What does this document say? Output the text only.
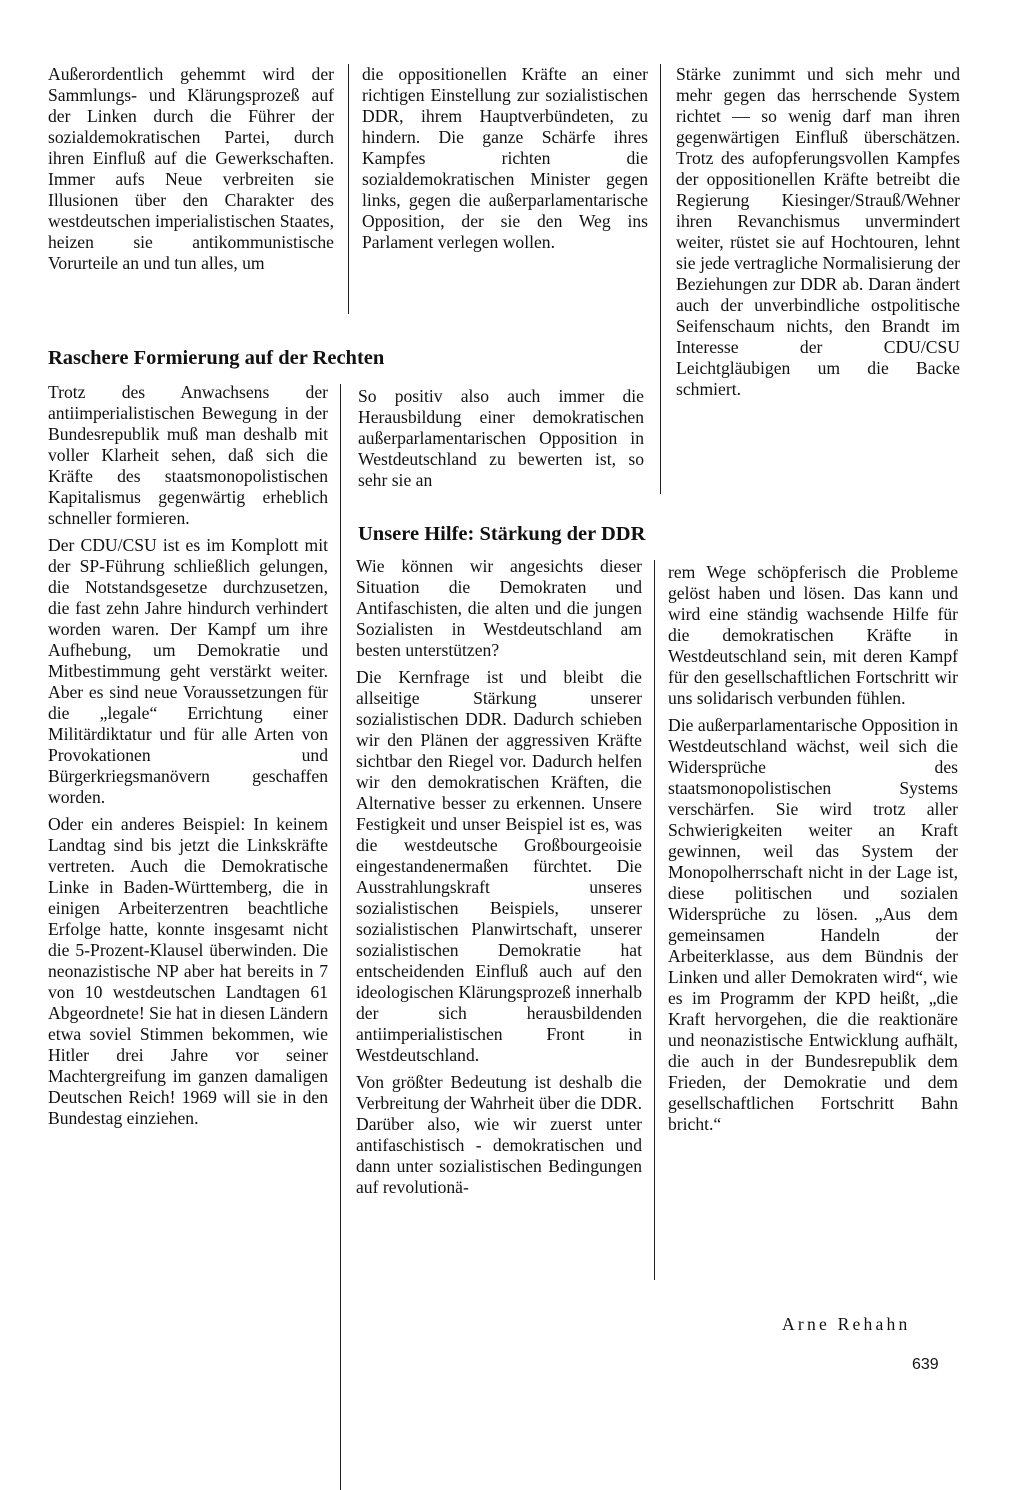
Außerordentlich gehemmt wird der Sammlungs- und Klärungsprozeß auf der Linken durch die Führer der sozialdemokratischen Partei, durch ihren Einfluß auf die Gewerkschaften. Immer aufs Neue verbreiten sie Illusionen über den Charakter des westdeutschen imperialistischen Staates, heizen sie antikommunistische Vorurteile an und tun alles, um

die oppositionellen Kräfte an einer richtigen Einstellung zur sozialistischen DDR, ihrem Hauptverbündeten, zu hindern. Die ganze Schärfe ihres Kampfes richten die sozialdemokratischen Minister gegen links, gegen die außerparlamentarische Opposition, der sie den Weg ins Parlament verlegen wollen.

Stärke zunimmt und sich mehr und mehr gegen das herrschende System richtet — so wenig darf man ihren gegenwärtigen Einfluß überschätzen. Trotz des aufopferungsvollen Kampfes der oppositionellen Kräfte betreibt die Regierung Kiesinger/Strauß/Wehner ihren Revanchismus unvermindert weiter, rüstet sie auf Hochtouren, lehnt sie jede vertragliche Normalisierung der Beziehungen zur DDR ab. Daran ändert auch der unverbindliche ostpolitische Seifenschaum nichts, den Brandt im Interesse der CDU/CSU Leichtgläubigen um die Backe schmiert.

Raschere Formierung auf der Rechten

Trotz des Anwachsens der antiimperialistischen Bewegung in der Bundesrepublik muß man deshalb mit voller Klarheit sehen, daß sich die Kräfte des staatsmonopolistischen Kapitalismus gegenwärtig erheblich schneller formieren.

Der CDU/CSU ist es im Komplott mit der SP-Führung schließlich gelungen, die Notstandsgesetze durchzusetzen, die fast zehn Jahre hindurch verhindert worden waren. Der Kampf um ihre Aufhebung, um Demokratie und Mitbestimmung geht verstärkt weiter. Aber es sind neue Voraussetzungen für die „legale“ Errichtung einer Militärdiktatur und für alle Arten von Provokationen und Bürgerkriegsmanövern geschaffen worden.

Oder ein anderes Beispiel: In keinem Landtag sind bis jetzt die Linkskräfte vertreten. Auch die Demokratische Linke in Baden-Württemberg, die in einigen Arbeiterzentren beachtliche Erfolge hatte, konnte insgesamt nicht die 5-Prozent-Klausel überwinden. Die neonazistische NP aber hat bereits in 7 von 10 westdeutschen Landtagen 61 Abgeordnete! Sie hat in diesen Ländern etwa soviel Stimmen bekommen, wie Hitler drei Jahre vor seiner Machtergreifung im ganzen damaligen Deutschen Reich! 1969 will sie in den Bundestag einziehen.

So positiv also auch immer die Herausbildung einer demokratischen außerparlamentarischen Opposition in Westdeutschland zu bewerten ist, so sehr sie an

Unsere Hilfe: Stärkung der DDR

Wie können wir angesichts dieser Situation die Demokraten und Antifaschisten, die alten und die jungen Sozialisten in Westdeutschland am besten unterstützen?

Die Kernfrage ist und bleibt die allseitige Stärkung unserer sozialistischen DDR. Dadurch schieben wir den Plänen der aggressiven Kräfte sichtbar den Riegel vor. Dadurch helfen wir den demokratischen Kräften, die Alternative besser zu erkennen. Unsere Festigkeit und unser Beispiel ist es, was die westdeutsche Großbourgeoisie eingestandenermaßen fürchtet. Die Ausstrahlungskraft unseres sozialistischen Beispiels, unserer sozialistischen Planwirtschaft, unserer sozialistischen Demokratie hat entscheidenden Einfluß auch auf den ideologischen Klärungsprozeß innerhalb der sich herausbildenden antiimperialistischen Front in Westdeutschland.

Von größter Bedeutung ist deshalb die Verbreitung der Wahrheit über die DDR. Darüber also, wie wir zuerst unter antifaschistisch - demokratischen und dann unter sozialistischen Bedingungen auf revolutionä-

rem Wege schöpferisch die Probleme gelöst haben und lösen. Das kann und wird eine ständig wachsende Hilfe für die demokratischen Kräfte in Westdeutschland sein, mit deren Kampf für den gesellschaftlichen Fortschritt wir uns solidarisch verbunden fühlen.

Die außerparlamentarische Opposition in Westdeutschland wächst, weil sich die Widersprüche des staatsmonopolistischen Systems verschärfen. Sie wird trotz aller Schwierigkeiten weiter an Kraft gewinnen, weil das System der Monopolherrschaft nicht in der Lage ist, diese politischen und sozialen Widersprüche zu lösen. „Aus dem gemeinsamen Handeln der Arbeiterklasse, aus dem Bündnis der Linken und aller Demokraten wird“, wie es im Programm der KPD heißt, „die Kraft hervorgehen, die die reaktionäre und neonazistische Entwicklung aufhält, die auch in der Bundesrepublik dem Frieden, der Demokratie und dem gesellschaftlichen Fortschritt Bahn bricht.“

Arne Rehahn
639
